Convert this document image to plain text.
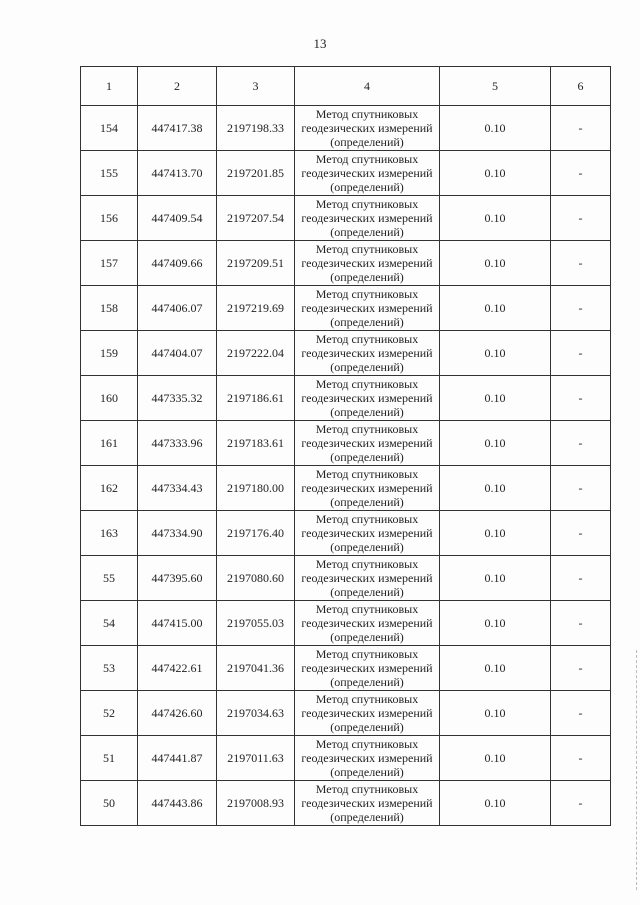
13
1	2	3	4	5	6
154	447417.38	2197198.33	Метод спутниковых геодезических измерений (определений)	0.10	-
155	447413.70	2197201.85	Метод спутниковых геодезических измерений (определений)	0.10	-
156	447409.54	2197207.54	Метод спутниковых геодезических измерений (определений)	0.10	-
157	447409.66	2197209.51	Метод спутниковых геодезических измерений (определений)	0.10	-
158	447406.07	2197219.69	Метод спутниковых геодезических измерений (определений)	0.10	-
159	447404.07	2197222.04	Метод спутниковых геодезических измерений (определений)	0.10	-
160	447335.32	2197186.61	Метод спутниковых геодезических измерений (определений)	0.10	-
161	447333.96	2197183.61	Метод спутниковых геодезических измерений (определений)	0.10	-
162	447334.43	2197180.00	Метод спутниковых геодезических измерений (определений)	0.10	-
163	447334.90	2197176.40	Метод спутниковых геодезических измерений (определений)	0.10	-
55	447395.60	2197080.60	Метод спутниковых геодезических измерений (определений)	0.10	-
54	447415.00	2197055.03	Метод спутниковых геодезических измерений (определений)	0.10	-
53	447422.61	2197041.36	Метод спутниковых геодезических измерений (определений)	0.10	-
52	447426.60	2197034.63	Метод спутниковых геодезических измерений (определений)	0.10	-
51	447441.87	2197011.63	Метод спутниковых геодезических измерений (определений)	0.10	-
50	447443.86	2197008.93	Метод спутниковых геодезических измерений (определений)	0.10	-
